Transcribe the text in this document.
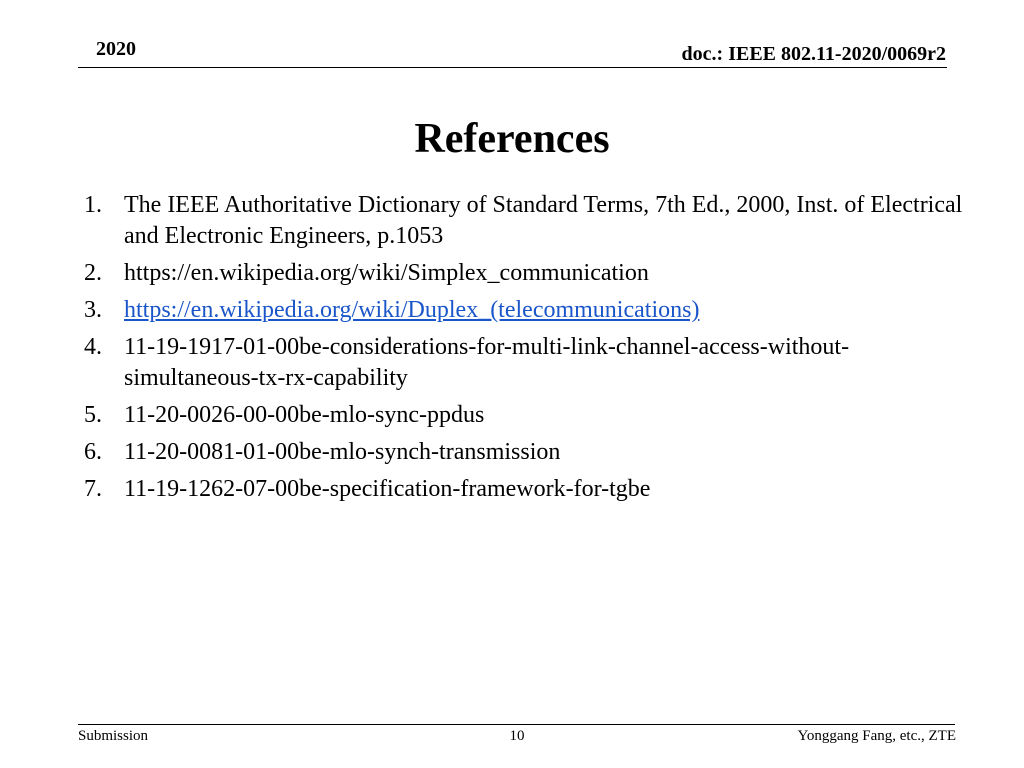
2020	doc.: IEEE 802.11-2020/0069r2
References
1. The IEEE Authoritative Dictionary of Standard Terms, 7th Ed., 2000, Inst. of Electrical and Electronic Engineers, p.1053
2. https://en.wikipedia.org/wiki/Simplex_communication
3. https://en.wikipedia.org/wiki/Duplex_(telecommunications)
4. 11-19-1917-01-00be-considerations-for-multi-link-channel-access-without-simultaneous-tx-rx-capability
5. 11-20-0026-00-00be-mlo-sync-ppdus
6. 11-20-0081-01-00be-mlo-synch-transmission
7. 11-19-1262-07-00be-specification-framework-for-tgbe
Submission	10	Yonggang Fang, etc., ZTE
